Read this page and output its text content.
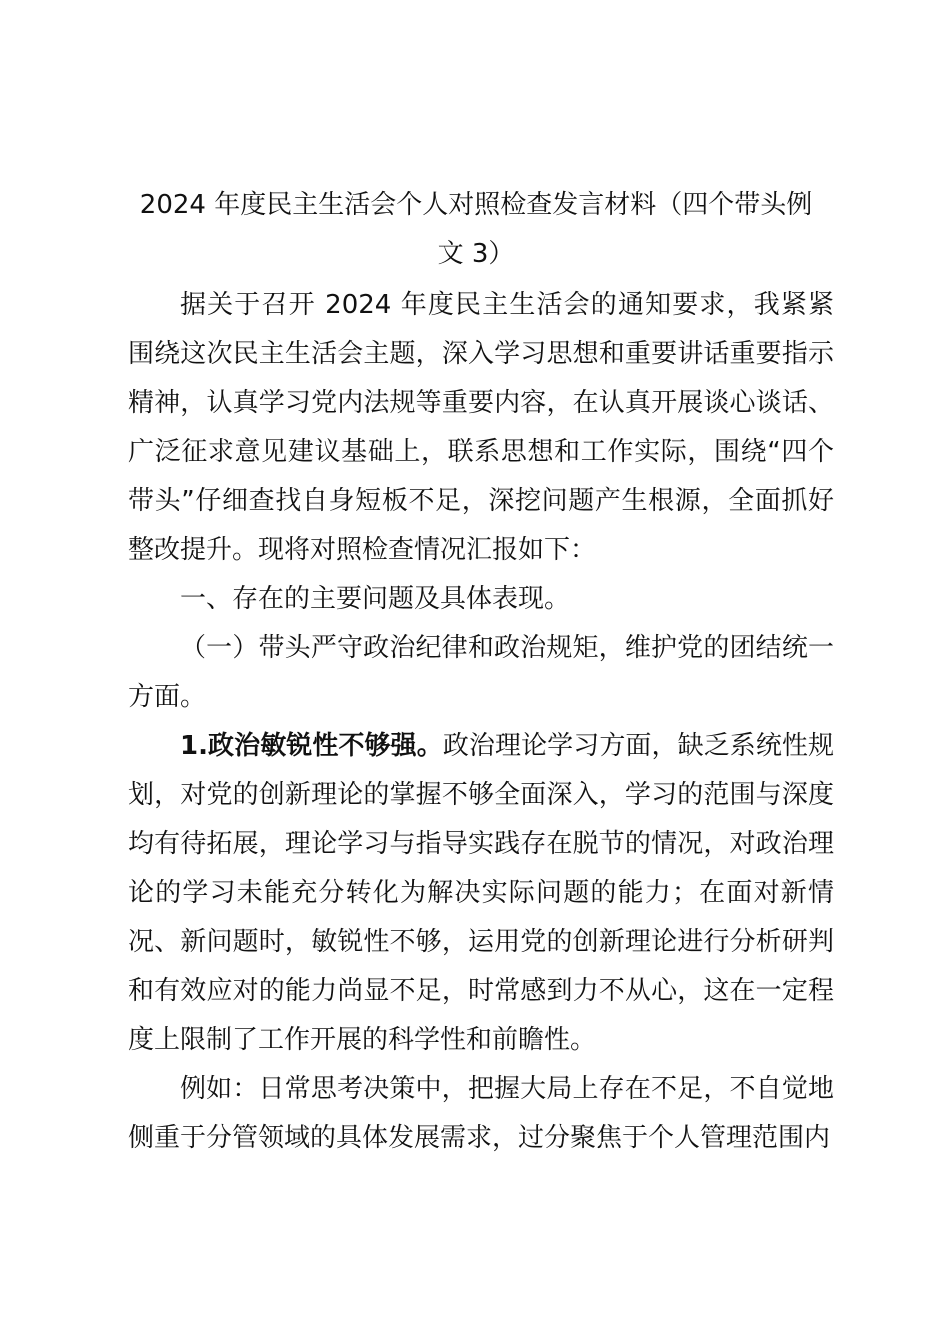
2024 年度民主生活会个人对照检查发言材料（四个带头例文 3）

据关于召开 2024 年度民主生活会的通知要求，我紧紧围绕这次民主生活会主题，深入学习思想和重要讲话重要指示精神，认真学习党内法规等重要内容，在认真开展谈心谈话、广泛征求意见建议基础上，联系思想和工作实际，围绕“四个带头”仔细查找自身短板不足，深挖问题产生根源，全面抓好整改提升。现将对照检查情况汇报如下：

一、存在的主要问题及具体表现。

（一）带头严守政治纪律和政治规矩，维护党的团结统一方面。

1.政治敏锐性不够强。政治理论学习方面，缺乏系统性规划，对党的创新理论的掌握不够全面深入，学习的范围与深度均有待拓展，理论学习与指导实践存在脱节的情况，对政治理论的学习未能充分转化为解决实际问题的能力；在面对新情况、新问题时，敏锐性不够，运用党的创新理论进行分析研判和有效应对的能力尚显不足，时常感到力不从心，这在一定程度上限制了工作开展的科学性和前瞻性。

例如：日常思考决策中，把握大局上存在不足，不自觉地侧重于分管领域的具体发展需求，过分聚焦于个人管理范围内
